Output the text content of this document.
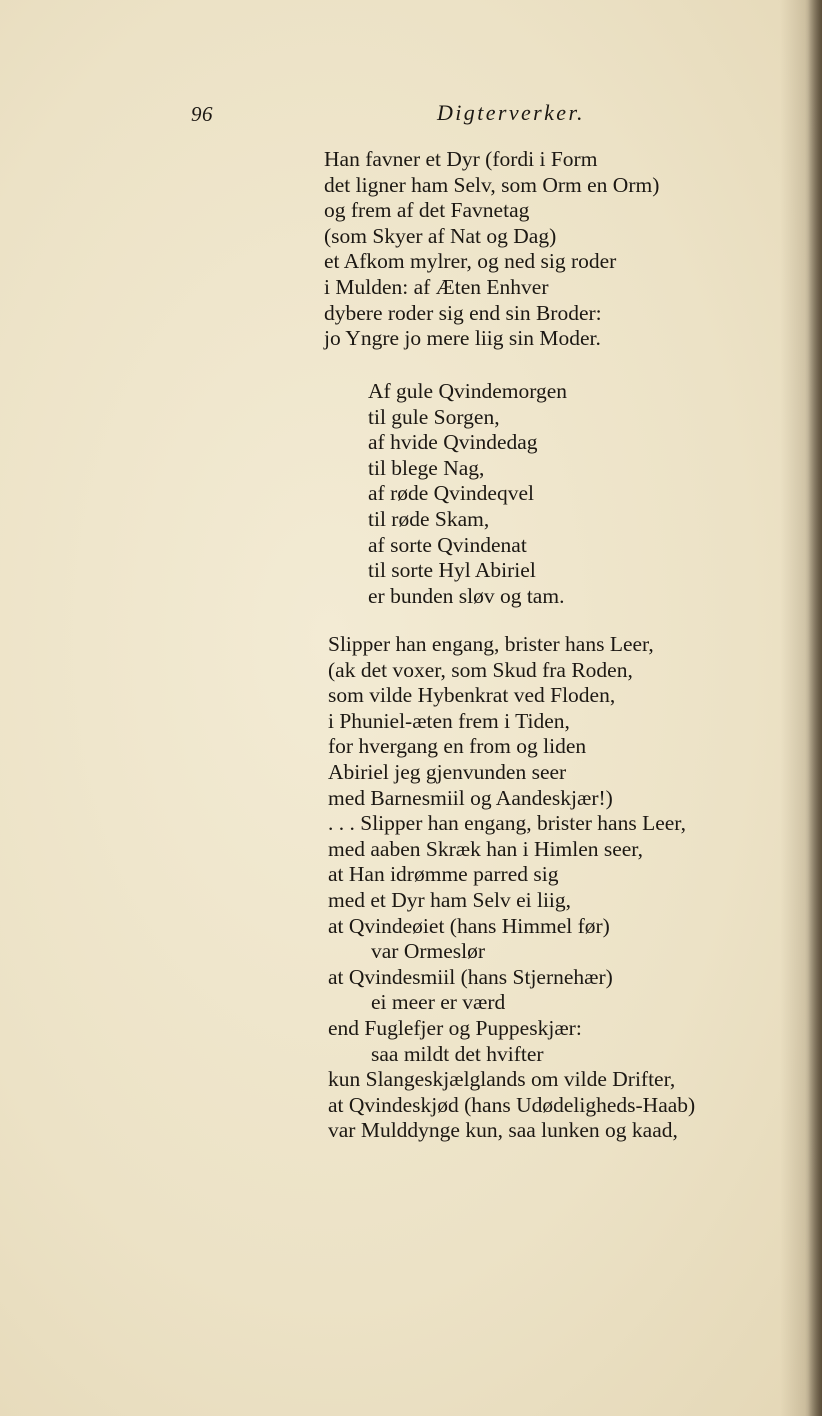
96	Digterverker.
Han favner et Dyr (fordi i Form
det ligner ham Selv, som Orm en Orm)
og frem af det Favnetag
(som Skyer af Nat og Dag)
et Afkom mylrer, og ned sig roder
i Mulden: af Æten Enhver
dybere roder sig end sin Broder:
jo Yngre jo mere liig sin Moder.
Af gule Qvindemorgen
til gule Sorgen,
af hvide Qvindedag
til blege Nag,
af røde Qvindeqvel
til røde Skam,
af sorte Qvindenat
til sorte Hyl Abiriel
er bunden sløv og tam.
Slipper han engang, brister hans Leer,
(ak det voxer, som Skud fra Roden,
som vilde Hybenkrat ved Floden,
i Phuniel-æten frem i Tiden,
for hvergang en from og liden
Abiriel jeg gjenvunden seer
med Barnesmiil og Aandeskjær!)
. . . Slipper han engang, brister hans Leer,
med aaben Skræk han i Himlen seer,
at Han idrømme parred sig
med et Dyr ham Selv ei liig,
at Qvindeøiet (hans Himmel før)
var Ormeslør
at Qvindesmiil (hans Stjernehær)
ei meer er værd
end Fuglefjer og Puppeskjær:
saa mildt det hvifter
kun Slangeskjælglands om vilde Drifter,
at Qvindeskjød (hans Udødeligheds-Haab)
var Mulddynge kun, saa lunken og kaad,
